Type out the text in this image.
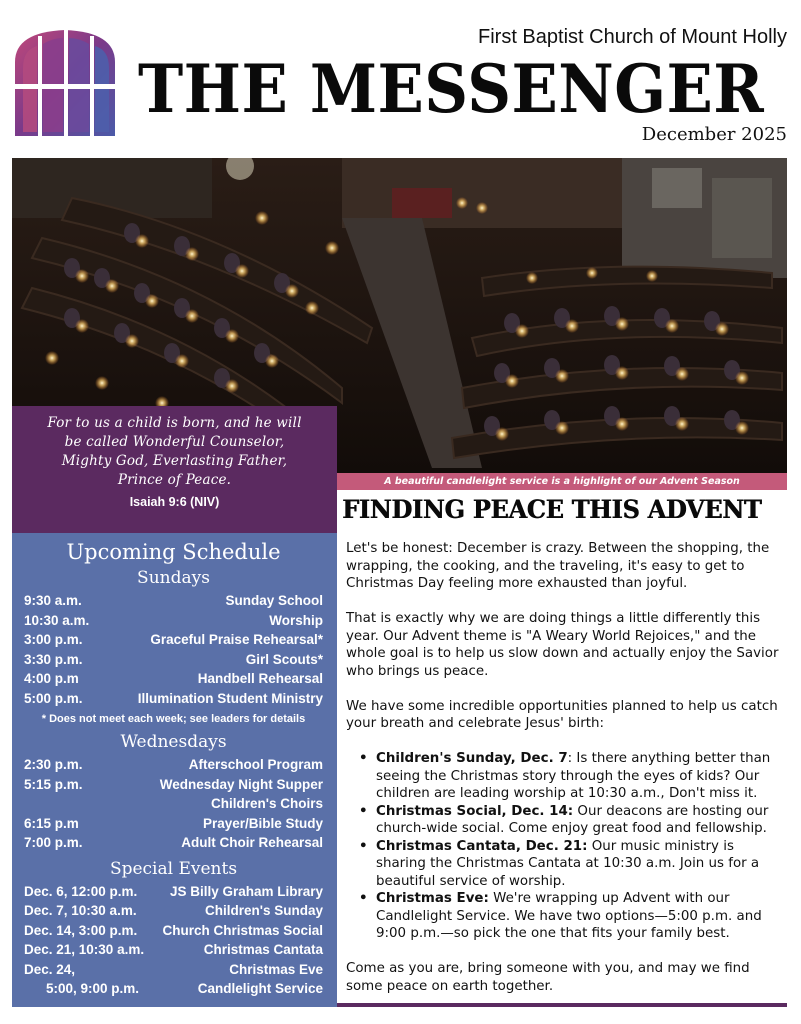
First Baptist Church of Mount Holly
THE MESSENGER
December 2025
A beautiful candlelight service is a highlight of our Advent Season
For to us a child is born, and he will
be called Wonderful Counselor,
Mighty God, Everlasting Father,
Prince of Peace.
Isaiah 9:6 (NIV)
Upcoming Schedule
Sundays
9:30 a.m.	Sunday School
10:30 a.m.	Worship
3:00 p.m.	Graceful Praise Rehearsal*
3:30 p.m.	Girl Scouts*
4:00 p.m	Handbell Rehearsal
5:00 p.m.	Illumination Student Ministry
* Does not meet each week; see leaders for details
Wednesdays
2:30 p.m.	Afterschool Program
5:15 p.m.	Wednesday Night Supper
Children's Choirs
6:15 p.m	Prayer/Bible Study
7:00 p.m.	Adult Choir Rehearsal
Special Events
Dec. 6, 12:00 p.m. JS Billy Graham Library
Dec. 7, 10:30 a.m.	Children's Sunday
Dec. 14, 3:00 p.m. Church Christmas Social
Dec. 21, 10:30 a.m.	Christmas Cantata
Dec. 24,	Christmas Eve
5:00, 9:00 p.m.	Candlelight Service
FINDING PEACE THIS ADVENT

Let's be honest: December is crazy. Between the shopping, the wrapping, the cooking, and the traveling, it's easy to get to Christmas Day feeling more exhausted than joyful.

That is exactly why we are doing things a little differently this year. Our Advent theme is "A Weary World Rejoices," and the whole goal is to help us slow down and actually enjoy the Savior who brings us peace.

We have some incredible opportunities planned to help us catch your breath and celebrate Jesus' birth:

• Children's Sunday, Dec. 7: Is there anything better than seeing the Christmas story through the eyes of kids? Our children are leading worship at 10:30 a.m., Don't miss it.
• Christmas Social, Dec. 14: Our deacons are hosting our church-wide social. Come enjoy great food and fellowship.
• Christmas Cantata, Dec. 21: Our music ministry is sharing the Christmas Cantata at 10:30 a.m. Join us for a beautiful service of worship.
• Christmas Eve: We're wrapping up Advent with our Candlelight Service. We have two options—5:00 p.m. and 9:00 p.m.—so pick the one that fits your family best.

Come as you are, bring someone with you, and may we find some peace on earth together.
